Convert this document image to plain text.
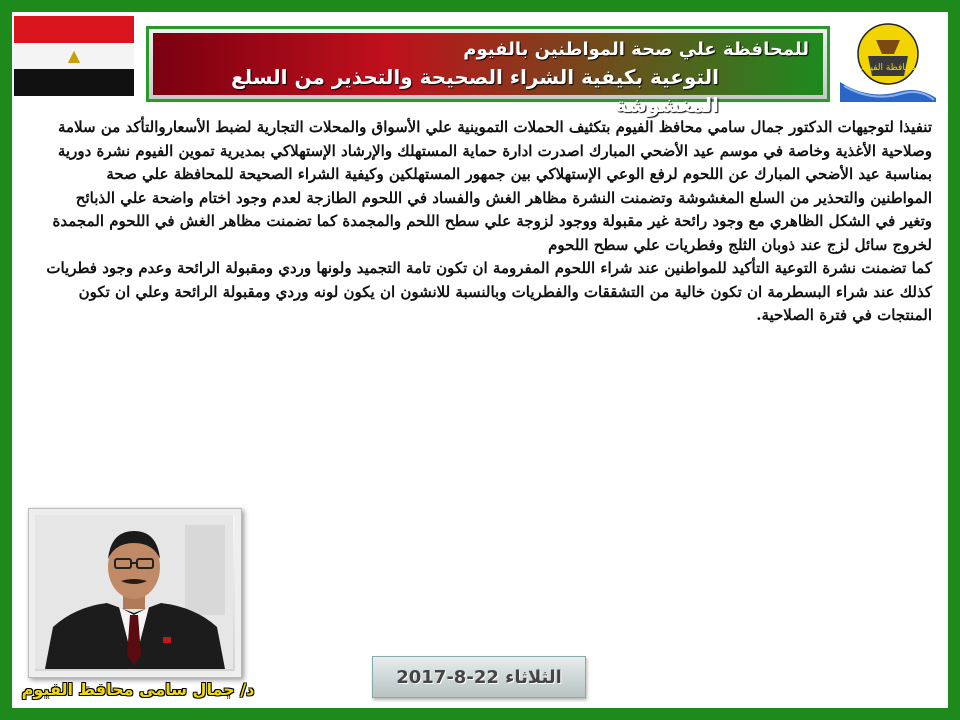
▲	للمحافظة علي صحة المواطنين بالفيوم
التوعية بكيفية الشراء الصحيحة والتحذير من السلع المغشوشة
محافظة الفيوم

تنفيذا لتوجيهات الدكتور جمال سامي محافظ الفيوم بتكثيف الحملات التموينية علي الأسواق والمحلات التجارية لضبط الأسعاروالتأكد من سلامة وصلاحية الأغذية وخاصة في موسم عيد الأضحي المبارك اصدرت ادارة حماية المستهلك والإرشاد الإستهلاكي بمديرية تموين الفيوم نشرة دورية بمناسبة عيد الأضحي المبارك عن اللحوم لرفع الوعي الإستهلاكي بين جمهور المستهلكين وكيفية الشراء الصحيحة للمحافظة علي صحة المواطنين والتحذير من السلع المغشوشة وتضمنت النشرة مظاهر الغش والفساد في اللحوم الطازجة لعدم وجود اختام واضحة علي الذبائح وتغير في الشكل الظاهري مع وجود رائحة غير مقبولة ووجود لزوجة علي سطح اللحم والمجمدة كما تضمنت مظاهر الغش في اللحوم المجمدة لخروج سائل لزج عند ذوبان الثلج وفطريات علي سطح اللحوم

كما تضمنت نشرة التوعية التأكيد للمواطنين عند شراء اللحوم المفرومة ان تكون تامة التجميد ولونها وردي ومقبولة الرائحة وعدم وجود فطريات كذلك عند شراء البسطرمة ان تكون خالية من التشققات والفطريات وبالنسبة للانشون ان يكون لونه وردي ومقبولة الرائحة وعلي ان تكون المنتجات في فترة الصلاحية.

د/ جمال سامى محافظ الفيوم
الثلاثاء 22-8-2017
